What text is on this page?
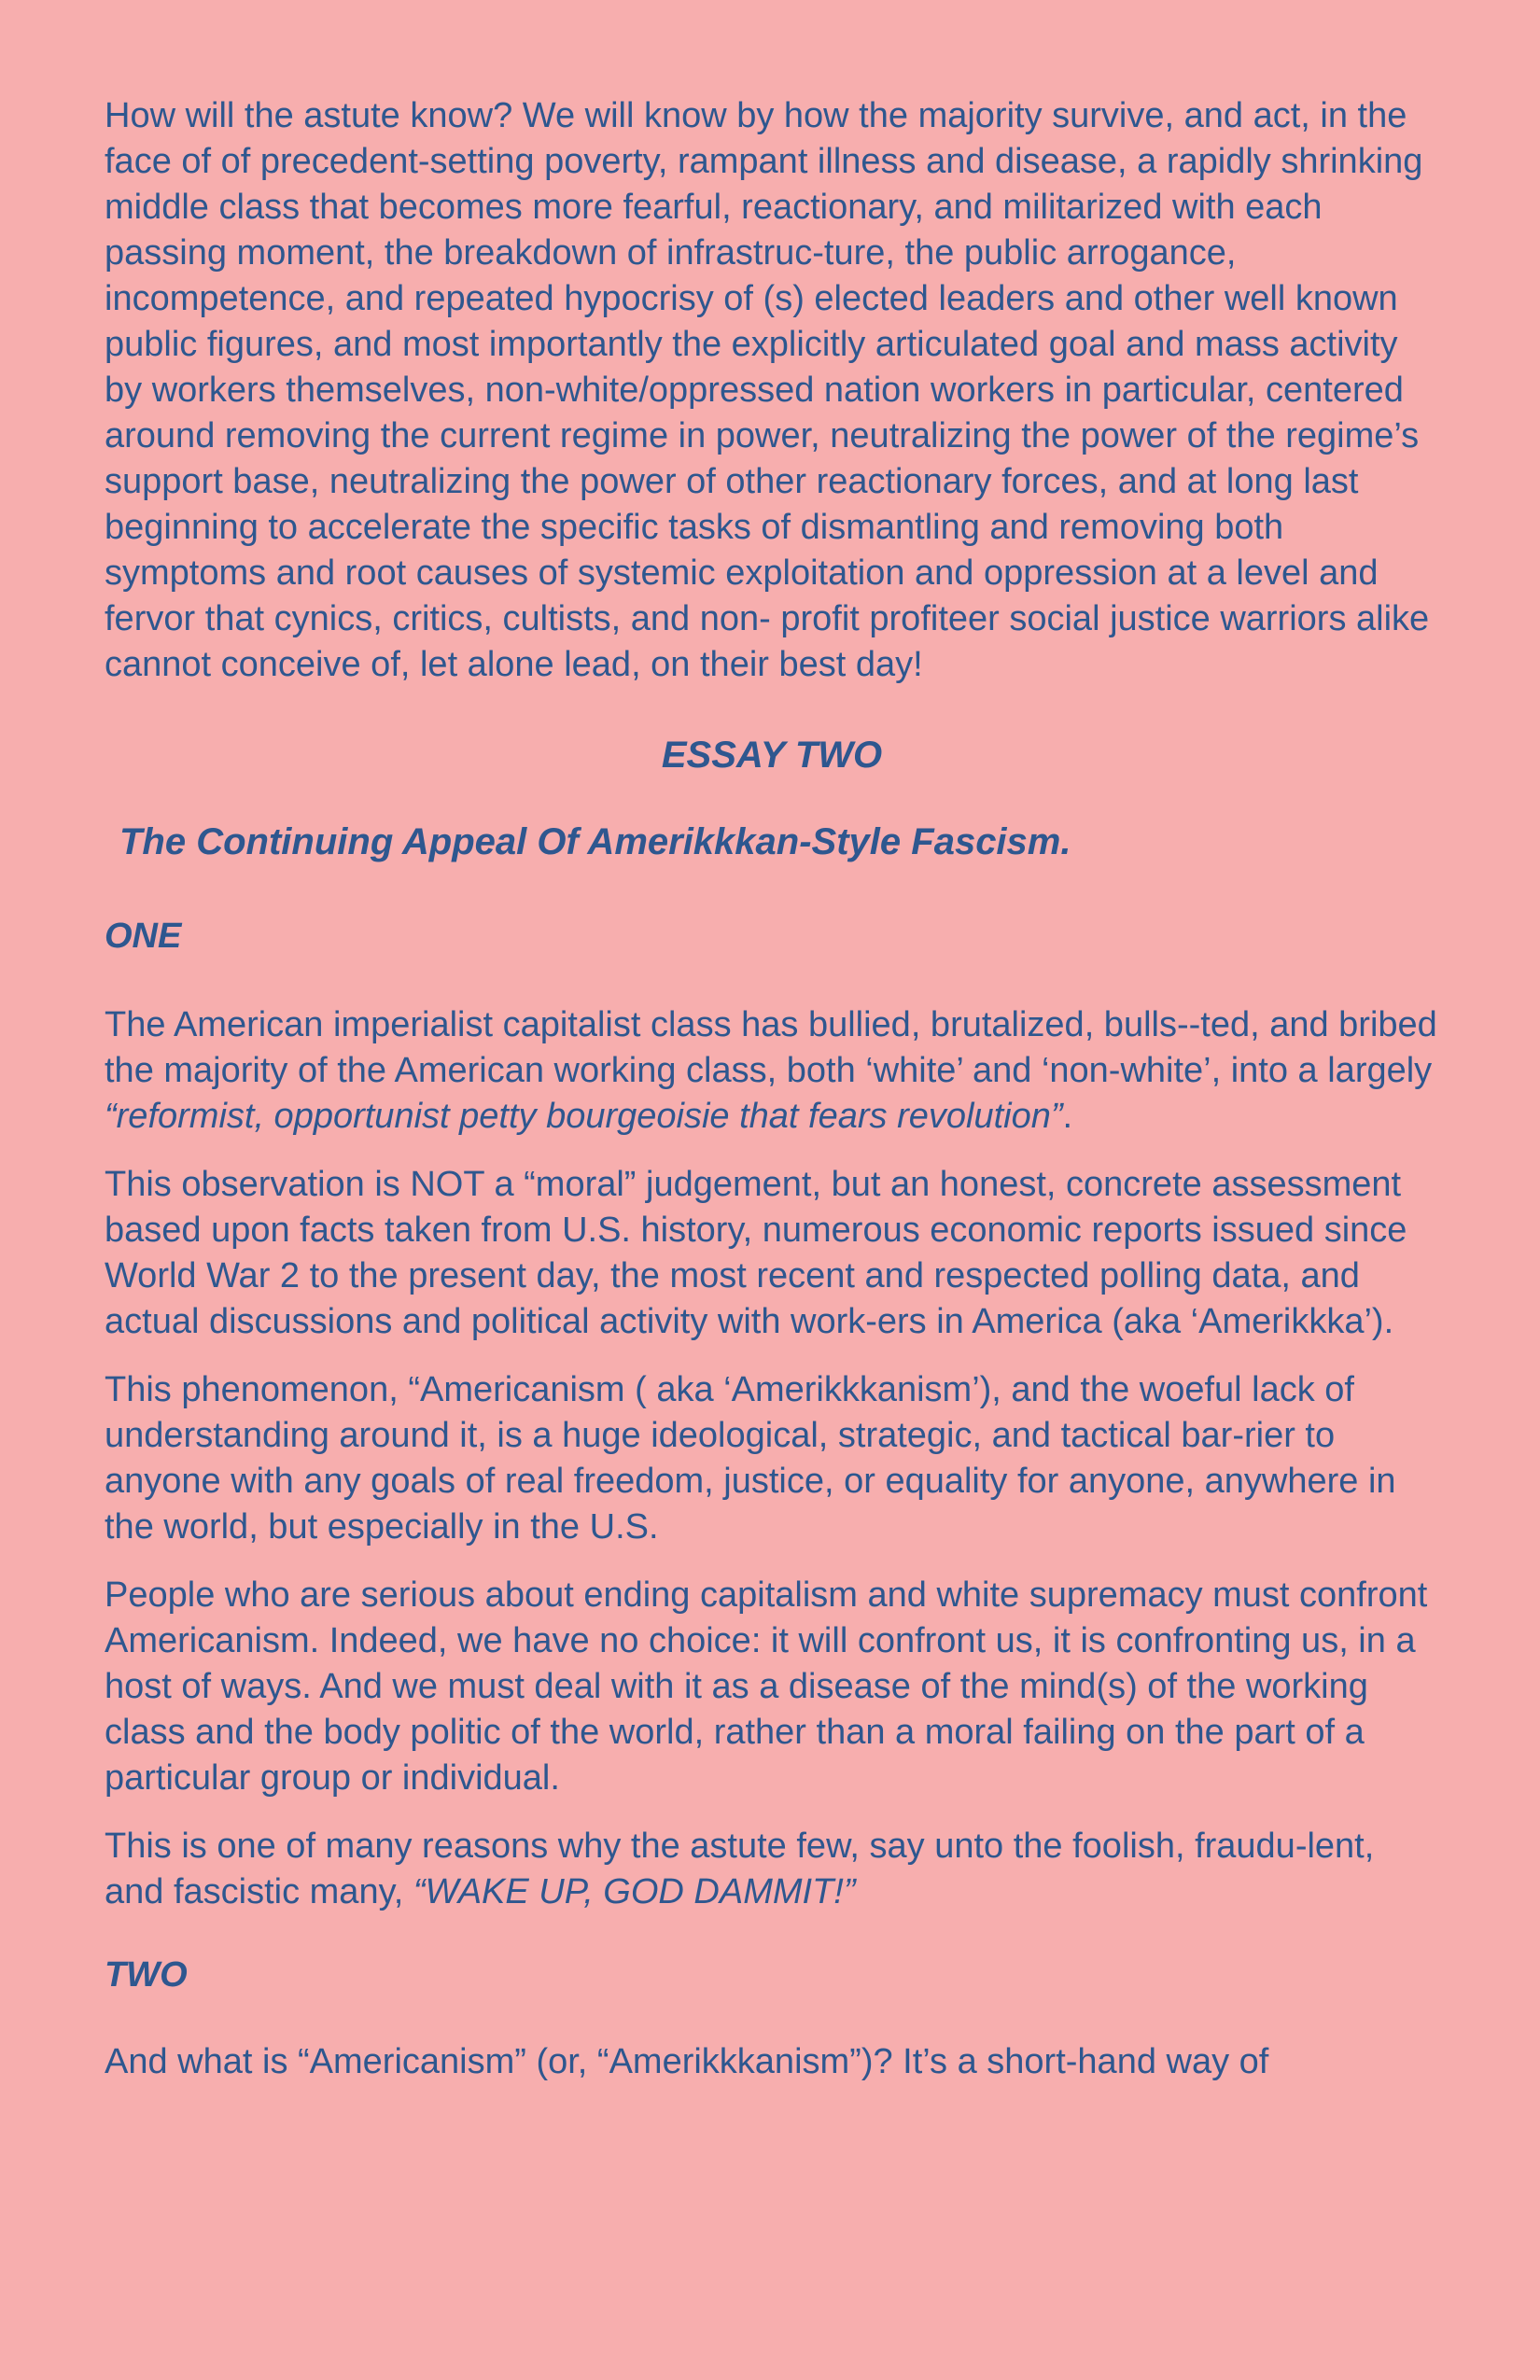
How will the astute know? We will know by how the majority survive, and act, in the face of of precedent-setting poverty, rampant illness and disease, a rapidly shrinking middle class that becomes more fearful, reactionary, and militarized with each passing moment, the breakdown of infrastruc-ture, the public arrogance, incompetence, and repeated hypocrisy of (s) elected leaders and other well known public figures, and most importantly the explicitly articulated goal and mass activity by workers themselves, non-white/oppressed nation workers in particular, centered around removing the current regime in power, neutralizing the power of the regime’s support base, neutralizing the power of other reactionary forces, and at long last beginning to accelerate the specific tasks of dismantling and removing both symptoms and root causes of systemic exploitation and oppression at a level and fervor that cynics, critics, cultists, and non- profit profiteer social justice warriors alike cannot conceive of, let alone lead, on their best day!

ESSAY TWO
The Continuing Appeal Of Amerikkkan-Style Fascism.
ONE

The American imperialist capitalist class has bullied, brutalized, bulls--ted, and bribed the majority of the American working class, both ‘white’ and ‘non-white’, into a largely “reformist, opportunist petty bourgeoisie that fears revolution”.

This observation is NOT a “moral” judgement, but an honest, concrete assessment based upon facts taken from U.S. history, numerous economic reports issued since World War 2 to the present day, the most recent and respected polling data, and actual discussions and political activity with work-ers in America (aka ‘Amerikkka’).

This phenomenon, “Americanism ( aka ‘Amerikkkanism’), and the woeful lack of understanding around it, is a huge ideological, strategic, and tactical bar-rier to anyone with any goals of real freedom, justice, or equality for anyone, anywhere in the world, but especially in the U.S.

People who are serious about ending capitalism and white supremacy must confront Americanism. Indeed, we have no choice: it will confront us, it is confronting us, in a host of ways. And we must deal with it as a disease of the mind(s) of the working class and the body politic of the world, rather than a moral failing on the part of a particular group or individual.

This is one of many reasons why the astute few, say unto the foolish, fraudu-lent, and fascistic many, “WAKE UP, GOD DAMMIT!”

TWO

And what is “Americanism” (or, “Amerikkkanism”)? It’s a short-hand way of
